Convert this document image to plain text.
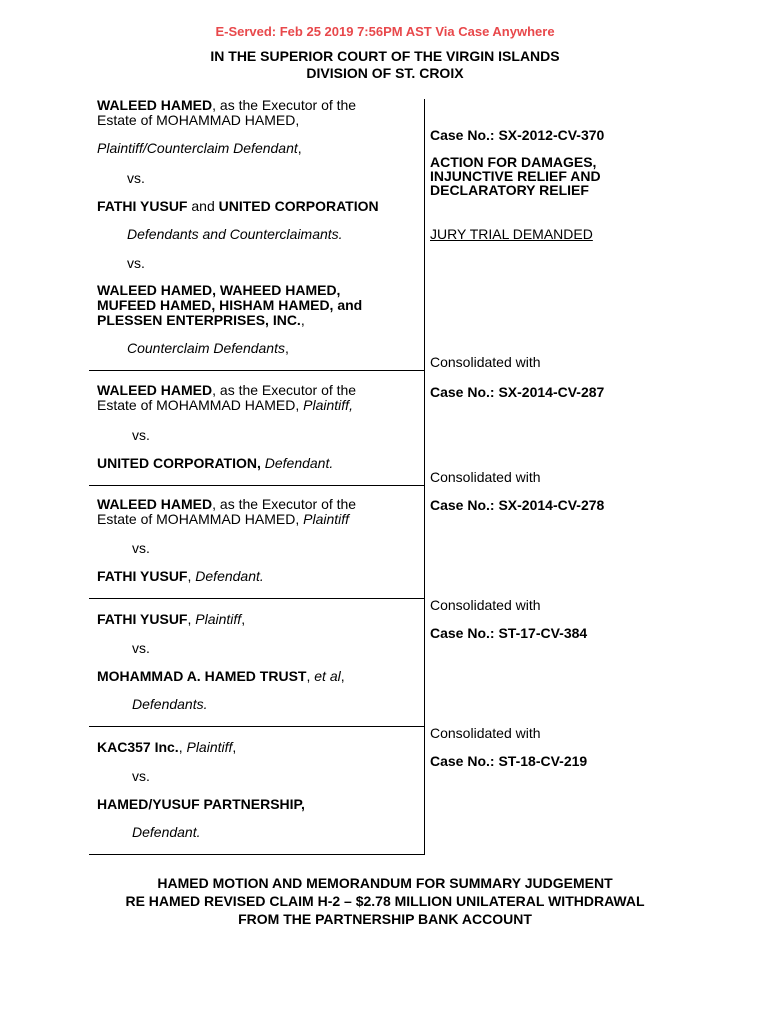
E-Served: Feb 25 2019 7:56PM AST Via Case Anywhere
IN THE SUPERIOR COURT OF THE VIRGIN ISLANDS
DIVISION OF ST. CROIX
WALEED HAMED, as the Executor of the
Estate of MOHAMMAD HAMED,
Plaintiff/Counterclaim Defendant,
vs.
FATHI YUSUF and UNITED CORPORATION
Defendants and Counterclaimants.
vs.
WALEED HAMED, WAHEED HAMED,
MUFEED HAMED, HISHAM HAMED, and
PLESSEN ENTERPRISES, INC.,
Counterclaim Defendants,
Case No.: SX-2012-CV-370
ACTION FOR DAMAGES,
INJUNCTIVE RELIEF AND
DECLARATORY RELIEF
JURY TRIAL DEMANDED
Consolidated with
WALEED HAMED, as the Executor of the
Estate of MOHAMMAD HAMED, Plaintiff,
vs.
UNITED CORPORATION, Defendant.
Case No.: SX-2014-CV-287
Consolidated with
WALEED HAMED, as the Executor of the
Estate of MOHAMMAD HAMED, Plaintiff
vs.
FATHI YUSUF, Defendant.
Case No.: SX-2014-CV-278
Consolidated with
FATHI YUSUF, Plaintiff,
vs.
MOHAMMAD A. HAMED TRUST, et al,
Defendants.
Case No.: ST-17-CV-384
Consolidated with
KAC357 Inc., Plaintiff,
vs.
HAMED/YUSUF PARTNERSHIP,
Defendant.
Case No.: ST-18-CV-219
HAMED MOTION AND MEMORANDUM FOR SUMMARY JUDGEMENT
RE HAMED REVISED CLAIM H-2 – $2.78 MILLION UNILATERAL WITHDRAWAL
FROM THE PARTNERSHIP BANK ACCOUNT
